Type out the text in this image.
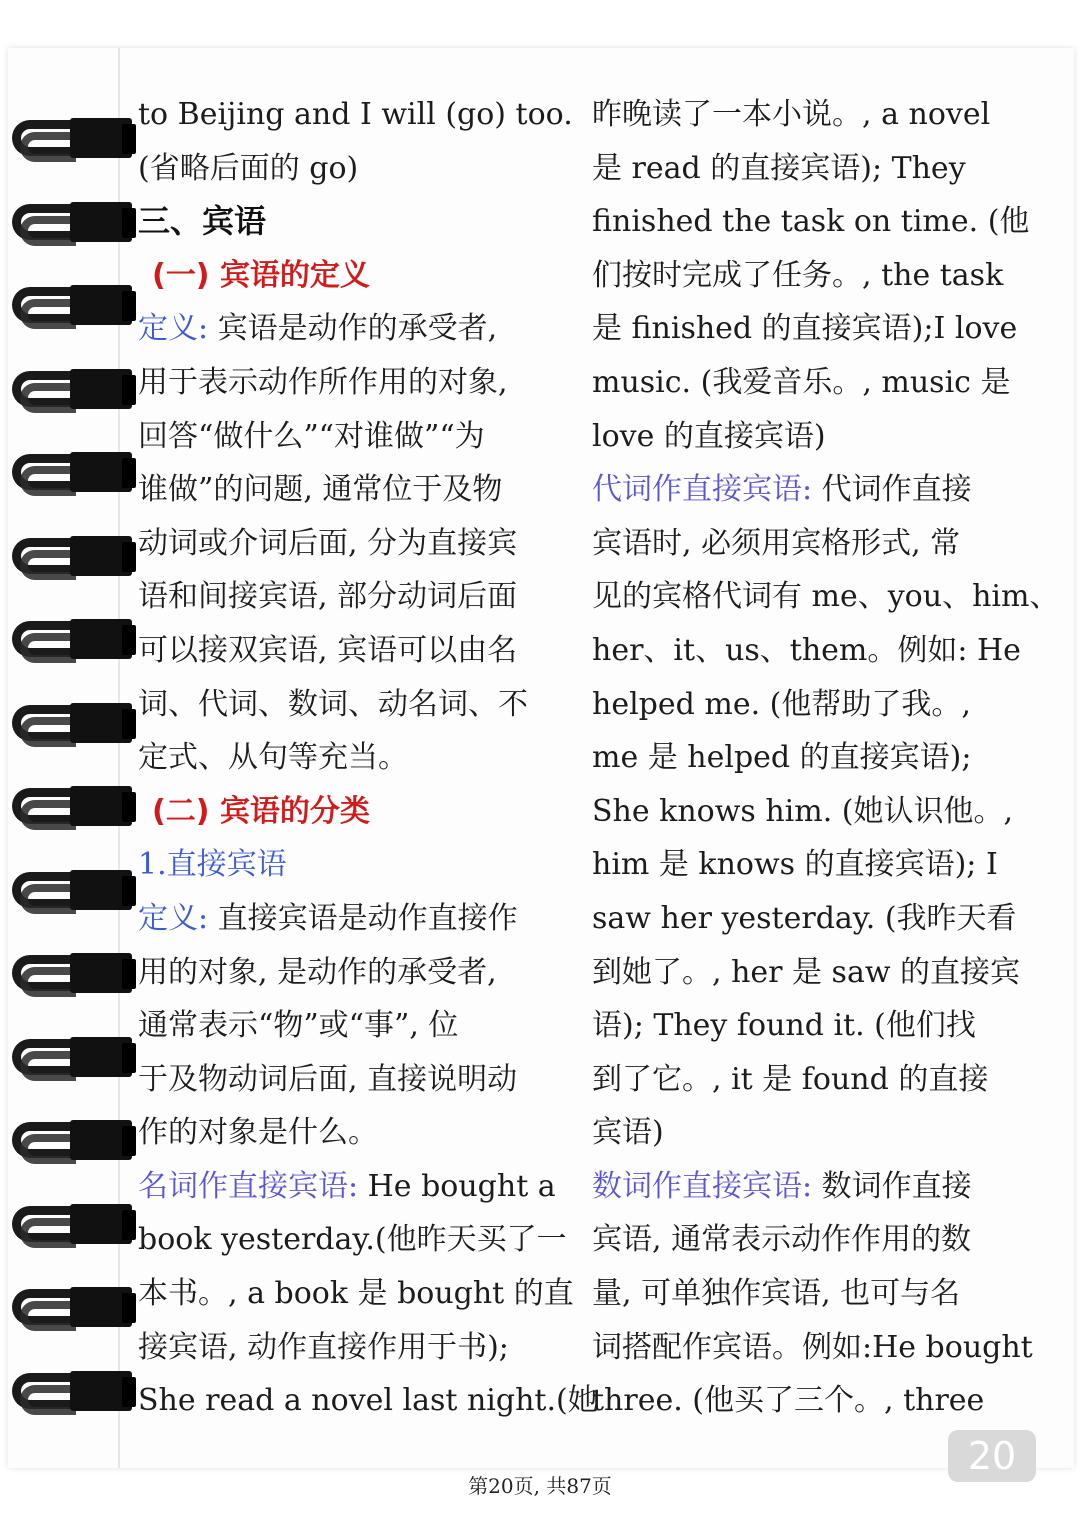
to Beijing and I will (go) too.
(省略后面的 go)
三、宾语
(一) 宾语的定义
定义: 宾语是动作的承受者,
用于表示动作所作用的对象,
回答“做什么”“对谁做”“为
谁做”的问题, 通常位于及物
动词或介词后面, 分为直接宾
语和间接宾语, 部分动词后面
可以接双宾语, 宾语可以由名
词、代词、数词、动名词、不
定式、从句等充当。
(二) 宾语的分类
1.直接宾语
定义: 直接宾语是动作直接作
用的对象, 是动作的承受者,
通常表示“物”或“事”, 位
于及物动词后面, 直接说明动
作的对象是什么。
名词作直接宾语: He bought a
book yesterday.(他昨天买了一
本书。, a book 是 bought 的直
接宾语, 动作直接作用于书);
She read a novel last night.(她
昨晚读了一本小说。, a novel
是 read 的直接宾语); They
finished the task on time. (他
们按时完成了任务。, the task
是 finished 的直接宾语);I love
music. (我爱音乐。, music 是
love 的直接宾语)
代词作直接宾语: 代词作直接
宾语时, 必须用宾格形式, 常
见的宾格代词有 me、you、him、
her、it、us、them。例如: He
helped me. (他帮助了我。,
me 是 helped 的直接宾语);
She knows him. (她认识他。,
him 是 knows 的直接宾语); I
saw her yesterday. (我昨天看
到她了。, her 是 saw 的直接宾
语); They found it. (他们找
到了它。, it 是 found 的直接
宾语)
数词作直接宾语: 数词作直接
宾语, 通常表示动作作用的数
量, 可单独作宾语, 也可与名
词搭配作宾语。例如:He bought
three. (他买了三个。, three
20
第20页, 共87页
